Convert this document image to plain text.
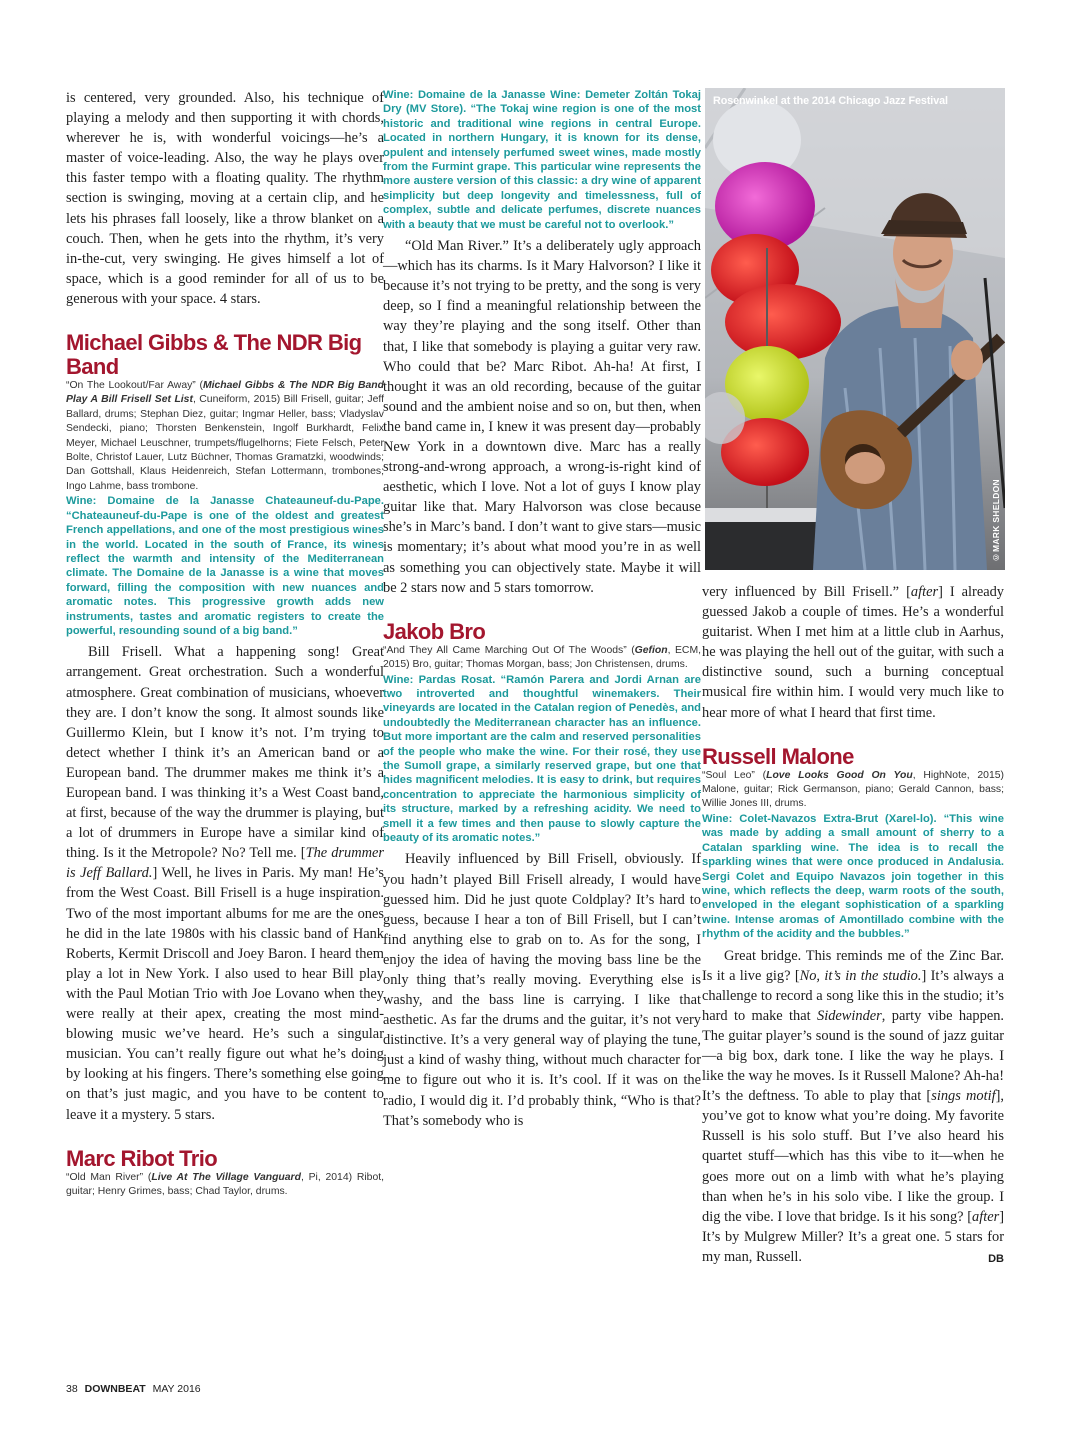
is centered, very grounded. Also, his technique of playing a melody and then supporting it with chords, wherever he is, with wonderful voicings—he’s a master of voice-leading. Also, the way he plays over this faster tempo with a floating quality. The rhythm section is swinging, moving at a certain clip, and he lets his phrases fall loosely, like a throw blanket on a couch. Then, when he gets into the rhythm, it’s very in-the-cut, very swinging. He gives himself a lot of space, which is a good reminder for all of us to be generous with your space. 4 stars.

Michael Gibbs & The NDR Big Band

“On The Lookout/Far Away” (Michael Gibbs & The NDR Big Band Play A Bill Frisell Set List, Cuneiform, 2015) Bill Frisell, guitar; Jeff Ballard, drums; Stephan Diez, guitar; Ingmar Heller, bass; Vladyslav Sendecki, piano; Thorsten Benkenstein, Ingolf Burkhardt, Felix Meyer, Michael Leuschner, trumpets/flugelhorns; Fiete Felsch, Peter Bolte, Christof Lauer, Lutz Büchner, Thomas Gramatzki, woodwinds; Dan Gottshall, Klaus Heidenreich, Stefan Lottermann, trombones; Ingo Lahme, bass trombone.

Wine: Domaine de la Janasse Chateauneuf-du-Pape. “Chateauneuf-du-Pape is one of the oldest and greatest French appellations, and one of the most prestigious wines in the world. Located in the south of France, its wines reflect the warmth and intensity of the Mediterranean climate. The Domaine de la Janasse is a wine that moves forward, filling the composition with new nuances and aromatic notes. This progressive growth adds new instruments, tastes and aromatic registers to create the powerful, resounding sound of a big band.”

Bill Frisell. What a happening song! Great arrangement. Great orchestration. Such a wonderful atmosphere. Great combination of musicians, whoever they are. I don’t know the song. It almost sounds like Guillermo Klein, but I know it’s not. I’m trying to detect whether I think it’s an American band or a European band. The drummer makes me think it’s a European band. I was thinking it’s a West Coast band, at first, because of the way the drummer is playing, but a lot of drummers in Europe have a similar kind of thing. Is it the Metropole? No? Tell me. [The drummer is Jeff Ballard.] Well, he lives in Paris. My man! He’s from the West Coast. Bill Frisell is a huge inspiration. Two of the most important albums for me are the ones he did in the late 1980s with his classic band of Hank Roberts, Kermit Driscoll and Joey Baron. I heard them play a lot in New York. I also used to hear Bill play with the Paul Motian Trio with Joe Lovano when they were really at their apex, creating the most mind-blowing music we’ve heard. He’s such a singular musician. You can’t really figure out what he’s doing by looking at his fingers. There’s something else going on that’s just magic, and you have to be content to leave it a mystery. 5 stars.

Marc Ribot Trio

“Old Man River” (Live At The Village Vanguard, Pi, 2014) Ribot, guitar; Henry Grimes, bass; Chad Taylor, drums.

Wine: Domaine de la Janasse Wine: Demeter Zoltán Tokaj Dry (MV Store). “The Tokaj wine region is one of the most historic and traditional wine regions in central Europe. Located in northern Hungary, it is known for its dense, opulent and intensely perfumed sweet wines, made mostly from the Furmint grape. This particular wine represents the more austere version of this classic: a dry wine of apparent simplicity but deep longevity and timelessness, full of complex, subtle and delicate perfumes, discrete nuances with a beauty that we must be careful not to overlook.”

“Old Man River.” It’s a deliberately ugly approach—which has its charms. Is it Mary Halvorson? I like it because it’s not trying to be pretty, and the song is very deep, so I find a meaningful relationship between the way they’re playing and the song itself. Other than that, I like that somebody is playing a guitar very raw. Who could that be? Marc Ribot. Ah-ha! At first, I thought it was an old recording, because of the guitar sound and the ambient noise and so on, but then, when the band came in, I knew it was present day—probably New York in a downtown dive. Marc has a really strong-and-wrong approach, a wrong-is-right kind of aesthetic, which I love. Not a lot of guys I know play guitar like that. Mary Halvorson was close because she’s in Marc’s band. I don’t want to give stars—music is momentary; it’s about what mood you’re in as well as something you can objectively state. Maybe it will be 2 stars now and 5 stars tomorrow.

Jakob Bro

“And They All Came Marching Out Of The Woods” (Gefion, ECM, 2015) Bro, guitar; Thomas Morgan, bass; Jon Christensen, drums.

Wine: Pardas Rosat. “Ramón Parera and Jordi Arnan are two introverted and thoughtful winemakers. Their vineyards are located in the Catalan region of Penedès, and undoubtedly the Mediterranean character has an influence. But more important are the calm and reserved personalities of the people who make the wine. For their rosé, they use the Sumoll grape, a similarly reserved grape, but one that hides magnificent melodies. It is easy to drink, but requires concentration to appreciate the harmonious simplicity of its structure, marked by a refreshing acidity. We need to smell it a few times and then pause to slowly capture the beauty of its aromatic notes.”

Heavily influenced by Bill Frisell, obviously. If you hadn’t played Bill Frisell already, I would have guessed him. Did he just quote Coldplay? It’s hard to guess, because I hear a ton of Bill Frisell, but I can’t find anything else to grab on to. As for the song, I enjoy the idea of having the moving bass line be the only thing that’s really moving. Everything else is washy, and the bass line is carrying. I like that aesthetic. As far the drums and the guitar, it’s not very distinctive. It’s a very general way of playing the tune, just a kind of washy thing, without much character for me to figure out who it is. It’s cool. If it was on the radio, I would dig it. I’d probably think, “Who is that? That’s somebody who is

Rosenwinkel at the 2014 Chicago Jazz Festival
©MARK SHELDON

very influenced by Bill Frisell.” [after] I already guessed Jakob a couple of times. He’s a wonderful guitarist. When I met him at a little club in Aarhus, he was playing the hell out of the guitar, with such a distinctive sound, such a burning conceptual musical fire within him. I would very much like to hear more of what I heard that first time.

Russell Malone

“Soul Leo” (Love Looks Good On You, HighNote, 2015) Malone, guitar; Rick Germanson, piano; Gerald Cannon, bass; Willie Jones III, drums.

Wine: Colet-Navazos Extra-Brut (Xarel-lo). “This wine was made by adding a small amount of sherry to a Catalan sparkling wine. The idea is to recall the sparkling wines that were once produced in Andalusia. Sergi Colet and Equipo Navazos join together in this wine, which reflects the deep, warm roots of the south, enveloped in the elegant sophistication of a sparkling wine. Intense aromas of Amontillado combine with the rhythm of the acidity and the bubbles.”

Great bridge. This reminds me of the Zinc Bar. Is it a live gig? [No, it’s in the studio.] It’s always a challenge to record a song like this in the studio; it’s hard to make that Sidewinder, party vibe happen. The guitar player’s sound is the sound of jazz guitar—a big box, dark tone. I like the way he plays. I like the way he moves. Is it Russell Malone? Ah-ha! It’s the deftness. To able to play that [sings motif], you’ve got to know what you’re doing. My favorite Russell is his solo stuff. But I’ve also heard his quartet stuff—which has this vibe to it—when he goes more out on a limb with what he’s playing than when he’s in his solo vibe. I like the group. I dig the vibe. I love that bridge. Is it his song? [after] It’s by Mulgrew Miller? It’s a great one. 5 stars for my man, Russell.	DB

38 DOWNBEAT MAY 2016
